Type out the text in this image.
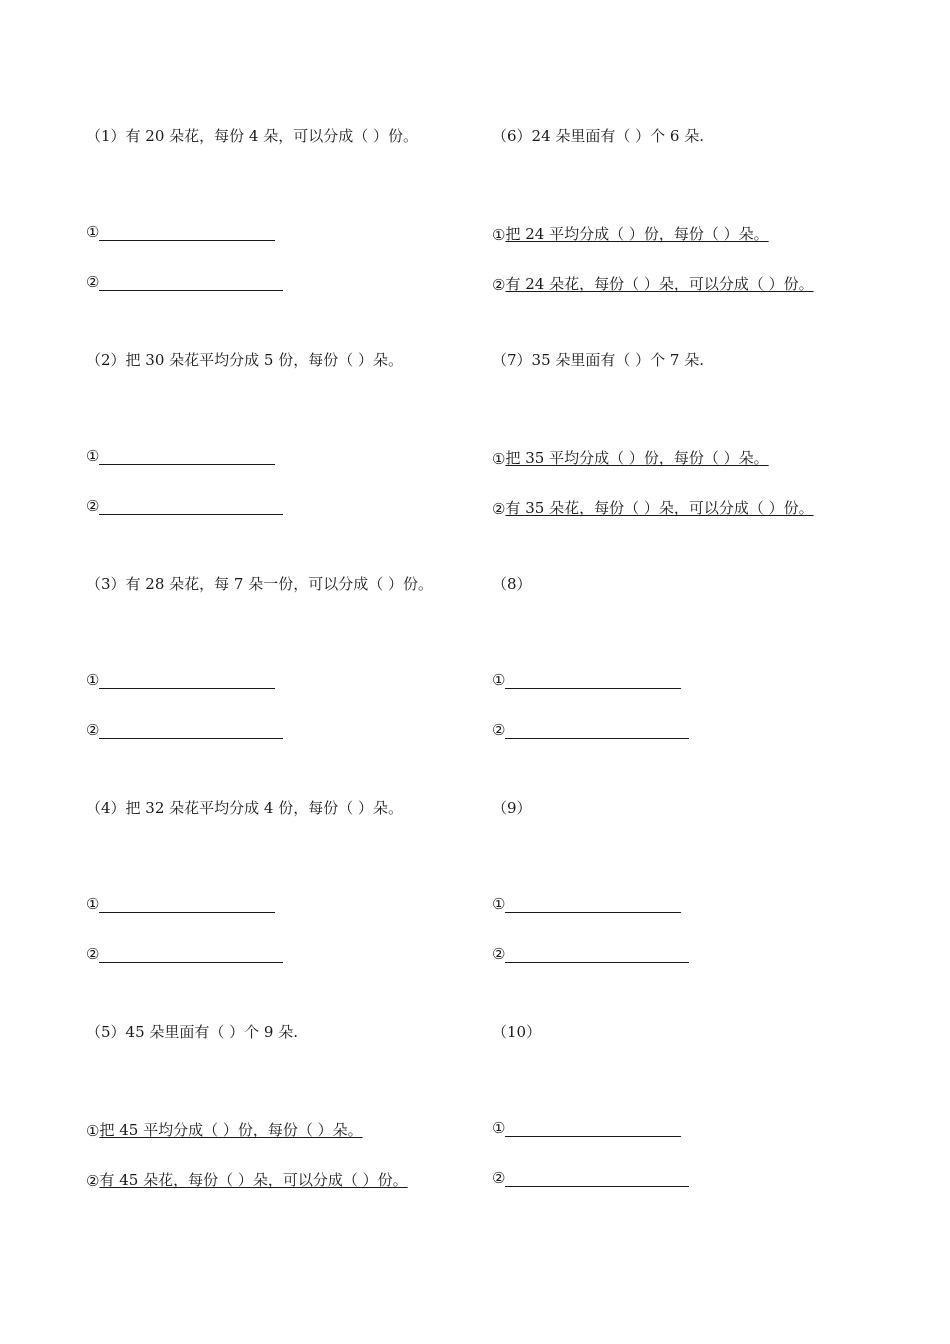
（1）有 20 朵花，每份 4 朵，可以分成（ ）份。
①
②
（2）把 30 朵花平均分成 5 份，每份（ ）朵。
①
②
（3）有 28 朵花，每 7 朵一份，可以分成（ ）份。
①
②
（4）把 32 朵花平均分成 4 份，每份（ ）朵。
①
②
（5）45 朵里面有（ ）个 9 朵.
① 把 45 平均分成（ ）份，每份（ ）朵。
② 有 45 朵花，每份（ ）朵，可以分成（ ）份。
（6）24 朵里面有（ ）个 6 朵.
① 把 24 平均分成（ ）份，每份（ ）朵。
② 有 24 朵花，每份（ ）朵，可以分成（ ）份。
（7）35 朵里面有（ ）个 7 朵.
① 把 35 平均分成（ ）份，每份（ ）朵。
② 有 35 朵花，每份（ ）朵，可以分成（ ）份。
（8）
①
②
（9）
①
②
（10）
①
②
